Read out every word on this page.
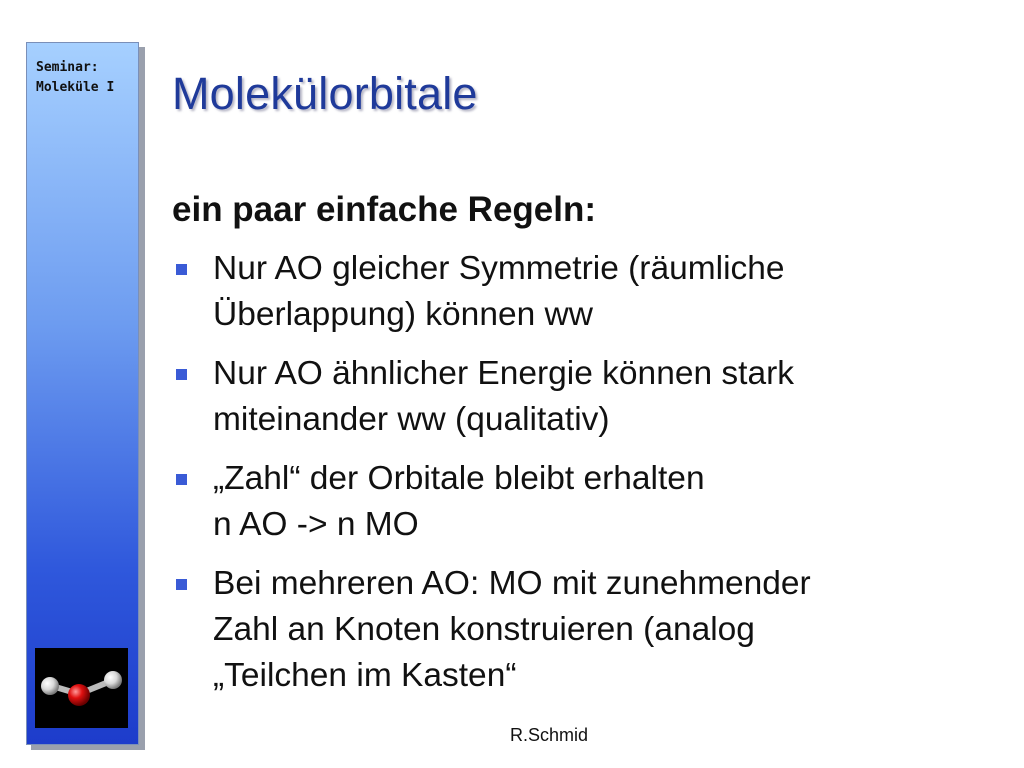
Seminar:
Moleküle I Molekülorbitale
ein paar einfache Regeln:
Nur AO gleicher Symmetrie (räumliche
Überlappung) können ww
Nur AO ähnlicher Energie können stark
miteinander ww (qualitativ)
„Zahl“ der Orbitale bleibt erhalten
n AO -> n MO
Bei mehreren AO: MO mit zunehmender
Zahl an Knoten konstruieren (analog
„Teilchen im Kasten“
R.Schmid
